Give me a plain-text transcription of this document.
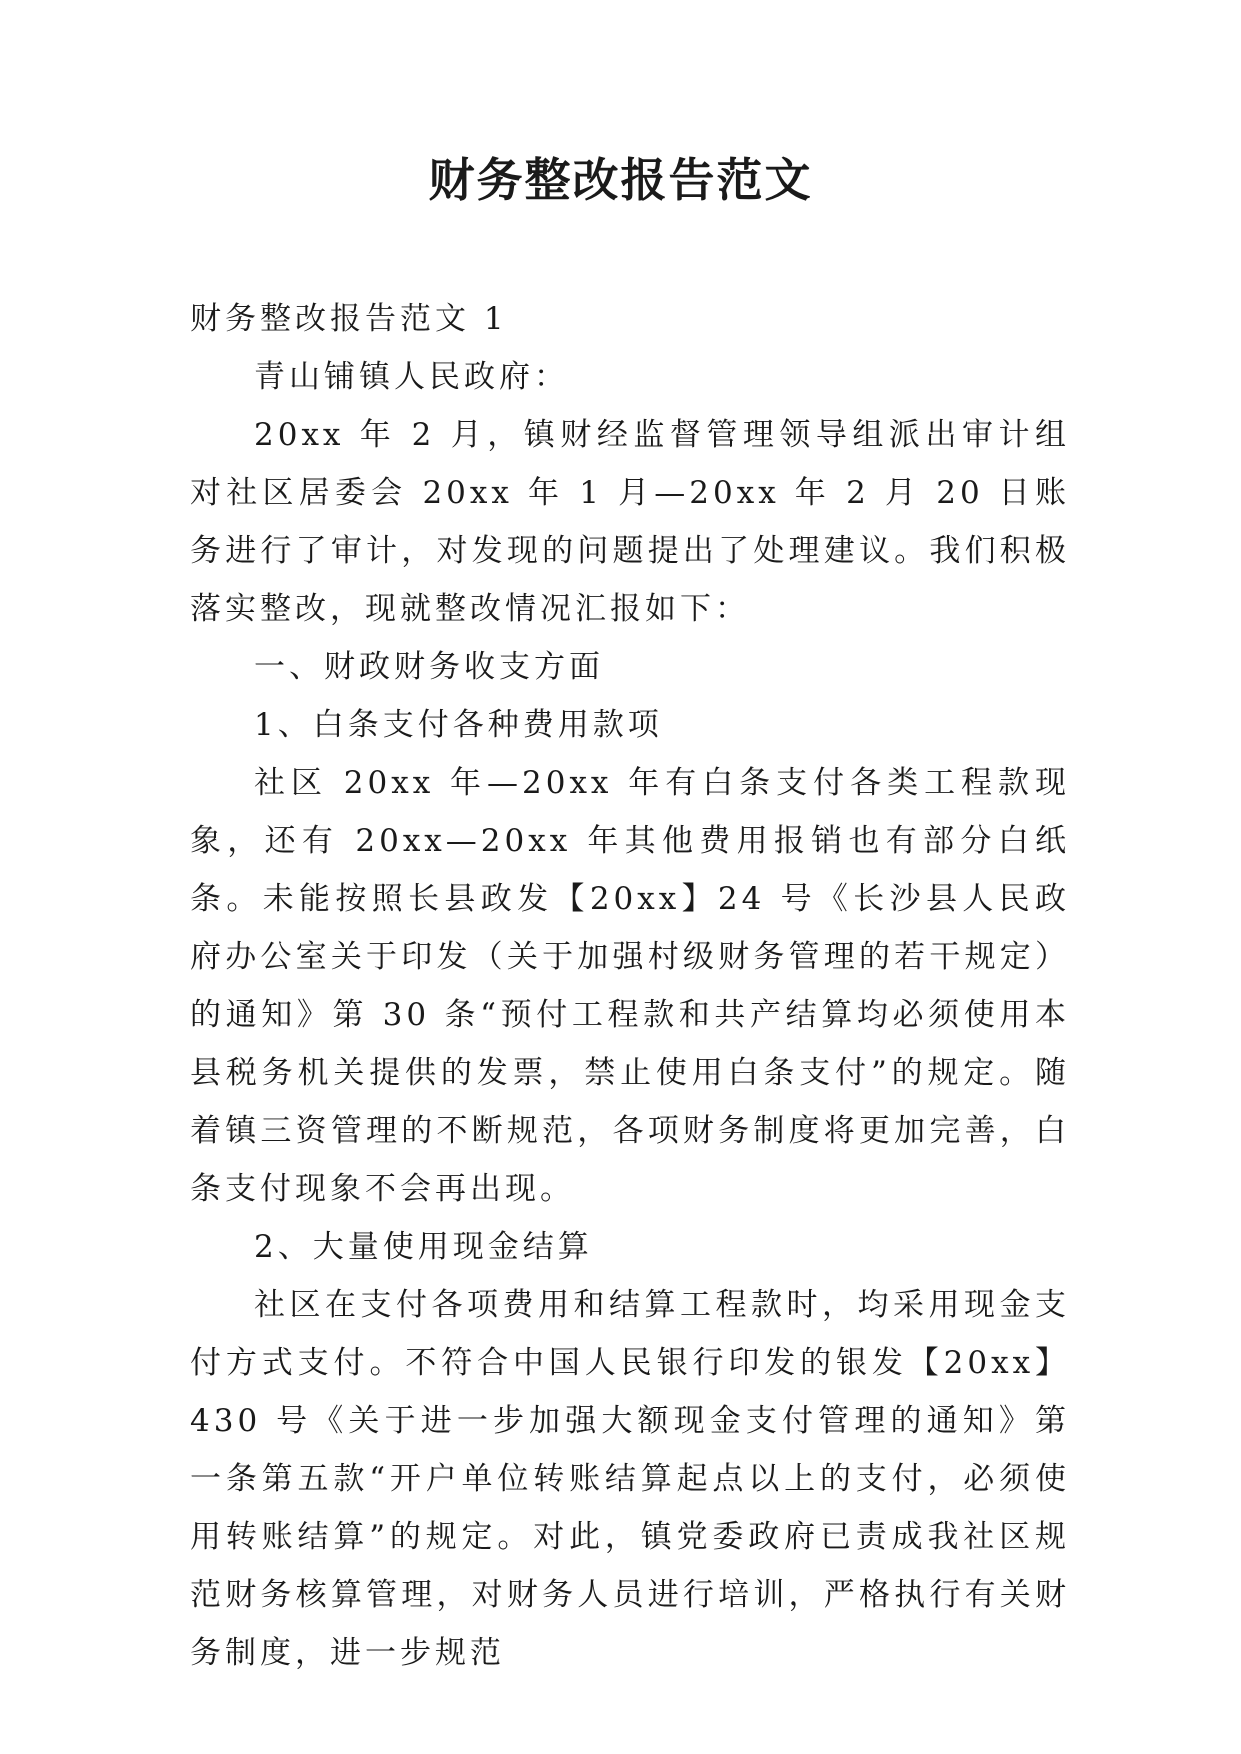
财务整改报告范文

财务整改报告范文 1

青山铺镇人民政府：

20xx 年 2 月，镇财经监督管理领导组派出审计组对社区居委会 20xx 年 1 月—20xx 年 2 月 20 日账务进行了审计，对发现的问题提出了处理建议。我们积极落实整改，现就整改情况汇报如下：

一、财政财务收支方面

1、白条支付各种费用款项

社区 20xx 年—20xx 年有白条支付各类工程款现象，还有 20xx—20xx 年其他费用报销也有部分白纸条。未能按照长县政发【20xx】24 号《长沙县人民政府办公室关于印发（关于加强村级财务管理的若干规定）的通知》第 30 条“预付工程款和共产结算均必须使用本县税务机关提供的发票，禁止使用白条支付”的规定。随着镇三资管理的不断规范，各项财务制度将更加完善，白条支付现象不会再出现。

2、大量使用现金结算

社区在支付各项费用和结算工程款时，均采用现金支付方式支付。不符合中国人民银行印发的银发【20xx】430 号《关于进一步加强大额现金支付管理的通知》第一条第五款“开户单位转账结算起点以上的支付，必须使用转账结算”的规定。对此，镇党委政府已责成我社区规范财务核算管理，对财务人员进行培训，严格执行有关财务制度，进一步规范
